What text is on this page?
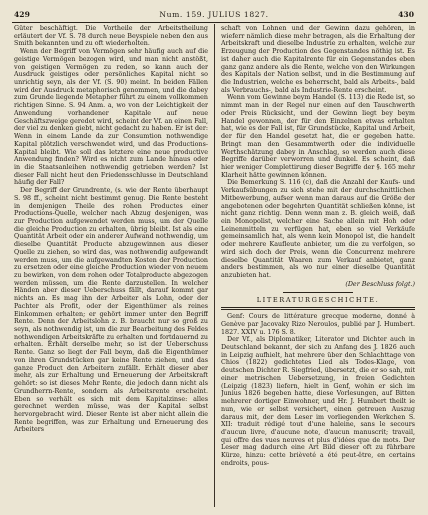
429	Num. 159. JULIUS 1827.	430

Güter beschäftigt. Die Vortheile der Arbeitstheilung erläutert der Vf. S. 78 durch neue Beyspiele neben den aus Smith bekannten und zu oft wiederholten.

Wenn der Begriff von Vermögen sehr häufig auch auf die geistige Vermögen bezogen wird, und man nicht anstößt, von geistigen Vermögen zu reden, so kann auch der Ausdruck geistiges oder persönliches Kapital nicht so unrichtig seyn, als der Vf. (S. 90) meint. In beiden Fällen wird der Ausdruck metaphorisch genommen, und die dabey zum Grunde liegende Metapher führt zu einem vollkommen richtigen Sinne. S. 94 Anm. a, wo von der Leichtigkeit der Anwendung vorhandener Kapitale auf neue Geschäftszweige geredet wird, scheint der Vf. an einen Fall, der viel zu denken giebt, nicht gedacht zu haben. Er ist der: Wenn in einem Lande da zur Consumtion nothwendige Kapital plötzlich verschwendet wird, und das Productions-Kapital bleibt. Wie soll das letztere eine neue productive Anwendung finden? Wird es nicht zum Lande hinaus oder in die Staatsanleihen nothwendig getrieben werden? Ist dieser Fall nicht heut den Friedensschlusse in Deutschland häufig der Fall?

Der Begriff der Grundrente, (s. wie der Rente überhaupt S. 98 ff., scheint nicht bestimmt genug. Die Rente besteht in demjenigen Theile des rohen Productes einer Productions-Quelle, welcher nach Abzug desjenigen, was zur Production aufgewendet werden muss, um der Quelle die gleiche Production zu erhalten, übrig bleibt. Ist als eine Quantität Arbeit oder ein anderer Aufwand nothwendig, um dieselbe Quantität Producte abzugewinnen aus dieser Quelle zu ziehen, so wird das, was nothwendig aufgewandt werden muss, um die aufgewandten Kosten der Production zu ersetzen oder eine gleiche Production wieder von neuem zu bewirken, von dem rohen oder Totalproducte abgezogen werden müssen, um die Rente darzustellen. In welcher Händen aber dieser Ueberschuss fällt, darauf kommt gar nichts an. Es mag ihn der Arbeiter als Lohn, oder der Pachter als Profit, oder der Eigenthümer als reines Einkommen erhalten; er gehört immer unter den Begriff Rente. Denn der Arbeitslohn z. B. braucht nur so groß zu seyn, als nothwendig ist, um die zur Bearbeitung des Feldes nothwendigen Arbeitskräfte zu erhalten und fortdauernd zu erhalten. Erhält derselbe mehr, so ist der Ueberschuss Rente. Ganz so liegt der Fall beym, daß die Eigenthümer von ihren Grundstücken gar keine Rente ziehen, und das ganze Product den Arbeitern zufällt. Erhält dieser aber mehr, als zur Erhaltung und Erneuerung der Arbeitskraft gehört: so ist dieses Mehr Rente, die jedoch dann nicht als Grundherrn-Rente, sondern als Arbeitsrente erscheint. Eben so verhält es sich mit dem Kapitalzinse: alles gerechnet werden müsse, was der Kapital selbst hervorgebracht wird. Dieser Rente ist aber nicht allein die Rente begriffen, was zur Erhaltung und Erneuerung des Arbeiters

schaft von Lohnen und der Gewinn dazu gehören, in wieferr nämlich diese mehr betragen, als die Erhaltung der Arbeitskraft und dieselbe Industrie zu erhalten, welche zur Erzeugung der Production des Gegenstandes nöthig ist. Es ist daher auch die Kapitalrente für ein Gegenstandes eben ganz ganz andere als die Rente, welche von den Wirkungen des Kapitals der Nation selbst, und in die Bestimmung auf die Industrien, welche es beherrscht, bald als Arbeits-, bald als Verbrauchs-, bald als Industrie-Rente erscheint.

Wenn vom Gewinne beym Handel (S. 113) die Rede ist, so nimmt man in der Regel nur einen auf den Tauschwerth oder Preis Rücksicht, und der Gewinn liegt bey beym Handel gewonnen, der für den Einzelnen etwas erhalten hat, wie es der Fall ist, für Grundstücke, Kapital und Arbeit, der für den Handel gesetzt hat, die er gegeben hatte. Bringt man den Gesammtwerth oder die individuelle Werthschätzung dabey in Anschlag, so werden auch diese Begriffe darüber verworren und dunkel. Es scheint, daß hier weniger Complettirung dieser Begriffe der §. 165 mehr Klarheit hätte gewinnen können.

Die Bemerkung S. 116 (c), daß die Anzahl der Kaufs- und Verkaufsübungen zu sich stehe mit der durchschnittlichen Mitbewerbung, aufser wenn man daraus auf die Größe der angebotenen oder begehrten Quantität schließen könne, ist nicht ganz richtig. Denn wenn man z. B. gleich weiß, daß ein Monopolist, welcher eine Sache allein mit Hoh oder Leinenmitteln zu verfügen hat, eben so viel Verkäufe gemeinsamlich hat, als wenn kein Monopol ist, die handelt oder mehrere Kaufleute anbieter, um die zu verfolgen, so wird sich doch der Preis, wenn die Concurrenz mehrere dieselbe Quantität Waaren zum Verkauf anbietet, ganz anders bestimmen, als wo nur einer dieselbe Quantität anzubieten hat.

(Der Beschluss folgt.)

LITERATURGESCHICHTE.

Genf: Cours de littérature grecque moderne, donné à Genève par Jacovaky Rizo Neroulos, publié par J. Humbert. 1827. XXIV u. 176 S. 8.

Der Vf., als Diplomatiker, Literator und Dichter auch in Deutschland bekannt, der sich zu Anfang des J. 1826 auch in Leipzig aufhielt, hat mehrere über den Schlachttage von Chios (1822) gedichtetes Lied als Todes-Klage, von deutschen Dichter R. Siegfried, übersetzt, die er so sah, mit einer metrischen Uebersetzung, in freien Gedichten (Leipzig (1823) liefern, hielt in Genf, wohin er sich im Junius 1826 begeben hatte, diese Vorlesungen, auf Bitten mehrerer dortiger Einwohner, und Hr. J. Humbert theilt ie nun, wie er selbst versichert, einen getreuen Auszug daraus mit, der dem Leser im vorliegenden Werkchen S. XII: traduit rédigé tout d'une haleine, sans le secours d'aucun livre, d'aucune note, d'aucun manuscrit; travail, qui offre des vues neuves et plus d'idées que de mots. Der Leser mag dadurch eine Art Bild dieser oft zu führbare Kürze, hinzu: cette brièveté a été peut-être, en certains endroits, pous-
